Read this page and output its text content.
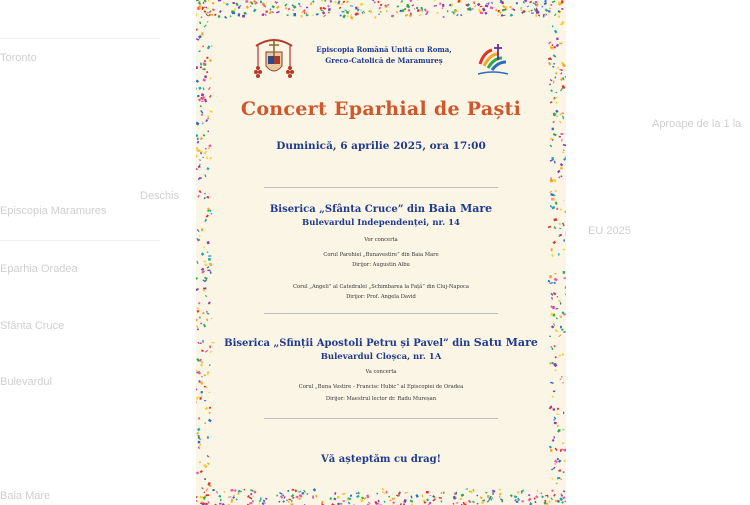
Toronto
Episcopia Maramures
Eparhia Oradea
Sfânta Cruce
Bulevardul
Baia Mare
Aproape de la 1 la
EU 2025
Deschis
Episcopia Română Unită cu Roma,
Greco-Catolică de Maramureș
Concert Eparhial de Paști
Duminică, 6 aprilie 2025, ora 17:00
Biserica „Sfânta Cruce” din Baia Mare
Bulevardul Independenței, nr. 14
Vor concerta
Corul Parohiei „Bunavestire” din Baia Mare
Dirijor: Augustin Albu
Corul „Angeli” al Catedralei „Schimbarea la Față” din Cluj-Napoca
Dirijor: Prof. Angela David
Biserica „Sfinții Apostoli Petru și Pavel” din Satu Mare
Bulevardul Cloșca, nr. 1A
Va concerta
Corul „Buna Vestire - Francisc Hubic” al Episcopiei de Oradea
Dirijor: Maestrul lector dr. Radu Mureșan
Vă așteptăm cu drag!
